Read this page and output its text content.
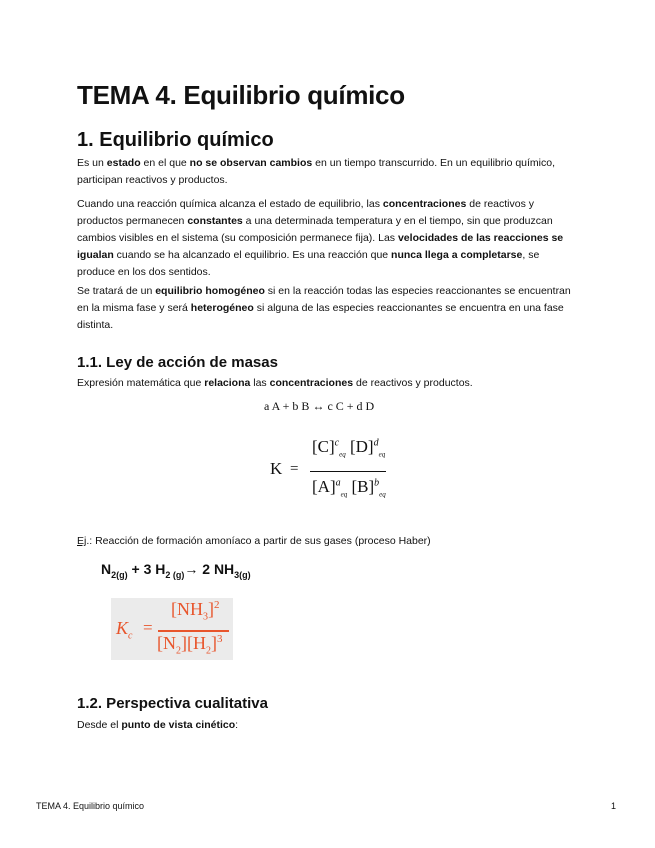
TEMA 4. Equilibrio químico
1. Equilibrio químico
Es un estado en el que no se observan cambios en un tiempo transcurrido. En un equilibrio químico, participan reactivos y productos.
Cuando una reacción química alcanza el estado de equilibrio, las concentraciones de reactivos y productos permanecen constantes a una determinada temperatura y en el tiempo, sin que produzcan cambios visibles en el sistema (su composición permanece fija). Las velocidades de las reacciones se igualan cuando se ha alcanzado el equilibrio. Es una reacción que nunca llega a completarse, se produce en los dos sentidos.
Se tratará de un equilibrio homogéneo si en la reacción todas las especies reaccionantes se encuentran en la misma fase y será heterogéneo si alguna de las especies reaccionantes se encuentra en una fase distinta.
1.1. Ley de acción de masas
Expresión matemática que relaciona las concentraciones de reactivos y productos.
a A + b B ↔ c C + d D
K =
$[C]^c_{eq}$ $[D]^d_{eq}$
$[A]^a_{eq}$ $[B]^b_{eq}$
Ej.: Reacción de formación amoníaco a partir de sus gases (proceso Haber)
$N_{2(g)} + 3$ $H_{2 (g)}\to 2$ $NH_{3(g)}$
$K_c$ =
$[NH_3]^2$
$[N_2][H_2]^3$
1.2. Perspectiva cualitativa
Desde el punto de vista cinético:
TEMA 4. Equilibrio químico	1
